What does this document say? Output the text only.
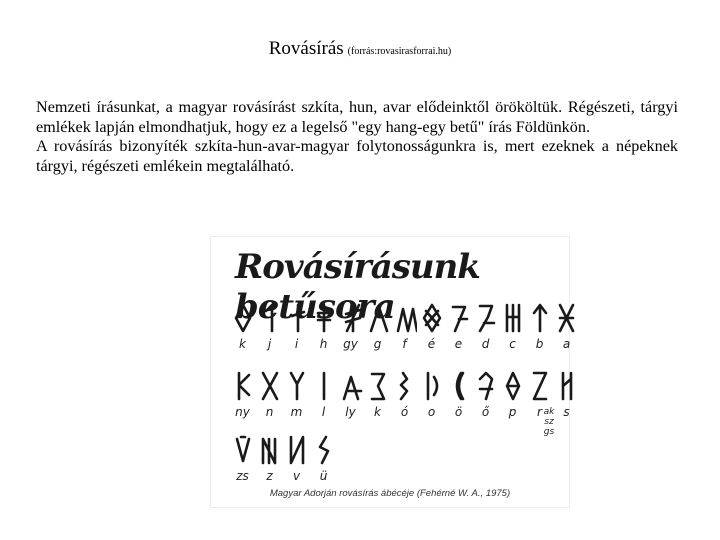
Rovásírás (forrás:rovasirasforrai.hu)

Nemzeti írásunkat, a magyar rovásírást szkíta, hun, avar elődeinktől örököltük. Régészeti, tárgyi emlékek lapján elmondhatjuk, hogy ez a legelső "egy hang-egy betű" írás Földünkön.

A rovásírás bizonyíték szkíta-hun-avar-magyar folytonosságunkra is, mert ezeknek a népeknek tárgyi, régészeti emlékein megtalálható.

Rovásírásunk betűsora
k	j	i	h	gy	g	f	é	e	d	c	b	a
ny	n	m	l	ly	k	ó	o	ö	ő	p	r	s
ak
sz
gs
zs	z	v	ü
Magyar Adorján rovásírás ábécéje (Fehérné W. A., 1975)
